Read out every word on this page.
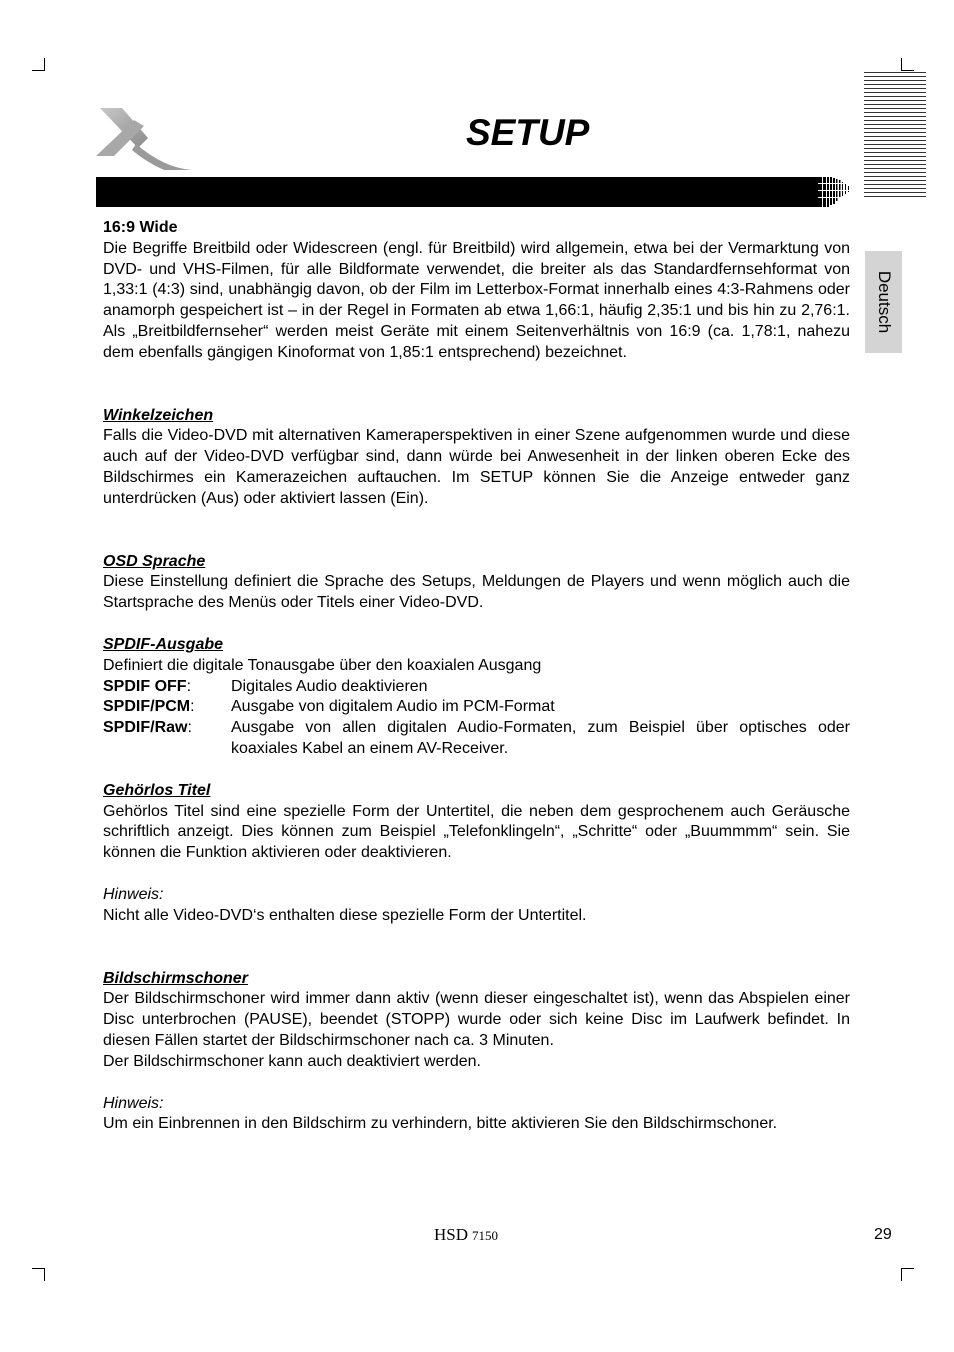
SETUP
Deutsch
16:9 Wide

Die Begriffe Breitbild oder Widescreen (engl. für Breitbild) wird allgemein, etwa bei der Vermarktung von DVD- und VHS-Filmen, für alle Bildformate verwendet, die breiter als das Standardfernsehformat von 1,33:1 (4:3) sind, unabhängig davon, ob der Film im Letterbox-Format innerhalb eines 4:3-Rahmens oder anamorph gespeichert ist – in der Regel in Formaten ab etwa 1,66:1, häufig 2,35:1 und bis hin zu 2,76:1. Als „Breitbildfernseher“ werden meist Geräte mit einem Seitenverhältnis von 16:9 (ca. 1,78:1, nahezu dem ebenfalls gängigen Kinoformat von 1,85:1 entsprechend) bezeichnet.

Winkelzeichen

Falls die Video-DVD mit alternativen Kameraperspektiven in einer Szene aufgenommen wurde und diese auch auf der Video-DVD verfügbar sind, dann würde bei Anwesenheit in der linken oberen Ecke des Bildschirmes ein Kamerazeichen auftauchen. Im SETUP können Sie die Anzeige entweder ganz unterdrücken (Aus) oder aktiviert lassen (Ein).

OSD Sprache

Diese Einstellung definiert die Sprache des Setups, Meldungen de Players und wenn möglich auch die Startsprache des Menüs oder Titels einer Video-DVD.

SPDIF-Ausgabe

Definiert die digitale Tonausgabe über den koaxialen Ausgang

SPDIF OFF:	Digitales Audio deaktivieren
SPDIF/PCM:	Ausgabe von digitalem Audio im PCM-Format
SPDIF/Raw:	Ausgabe von allen digitalen Audio-Formaten, zum Beispiel über optisches oder koaxiales Kabel an einem AV-Receiver.
Gehörlos Titel

Gehörlos Titel sind eine spezielle Form der Untertitel, die neben dem gesprochenem auch Geräusche schriftlich anzeigt. Dies können zum Beispiel „Telefonklingeln“, „Schritte“ oder „Buummmm“ sein. Sie können die Funktion aktivieren oder deaktivieren.

Hinweis:

Nicht alle Video-DVD‘s enthalten diese spezielle Form der Untertitel.

Bildschirmschoner

Der Bildschirmschoner wird immer dann aktiv (wenn dieser eingeschaltet ist), wenn das Abspielen einer Disc unterbrochen (PAUSE), beendet (STOPP) wurde oder sich keine Disc im Laufwerk befindet. In diesen Fällen startet der Bildschirmschoner nach ca. 3 Minuten.

Der Bildschirmschoner kann auch deaktiviert werden.

Hinweis:

Um ein Einbrennen in den Bildschirm zu verhindern, bitte aktivieren Sie den Bildschirmschoner.

HSD 7150	29
